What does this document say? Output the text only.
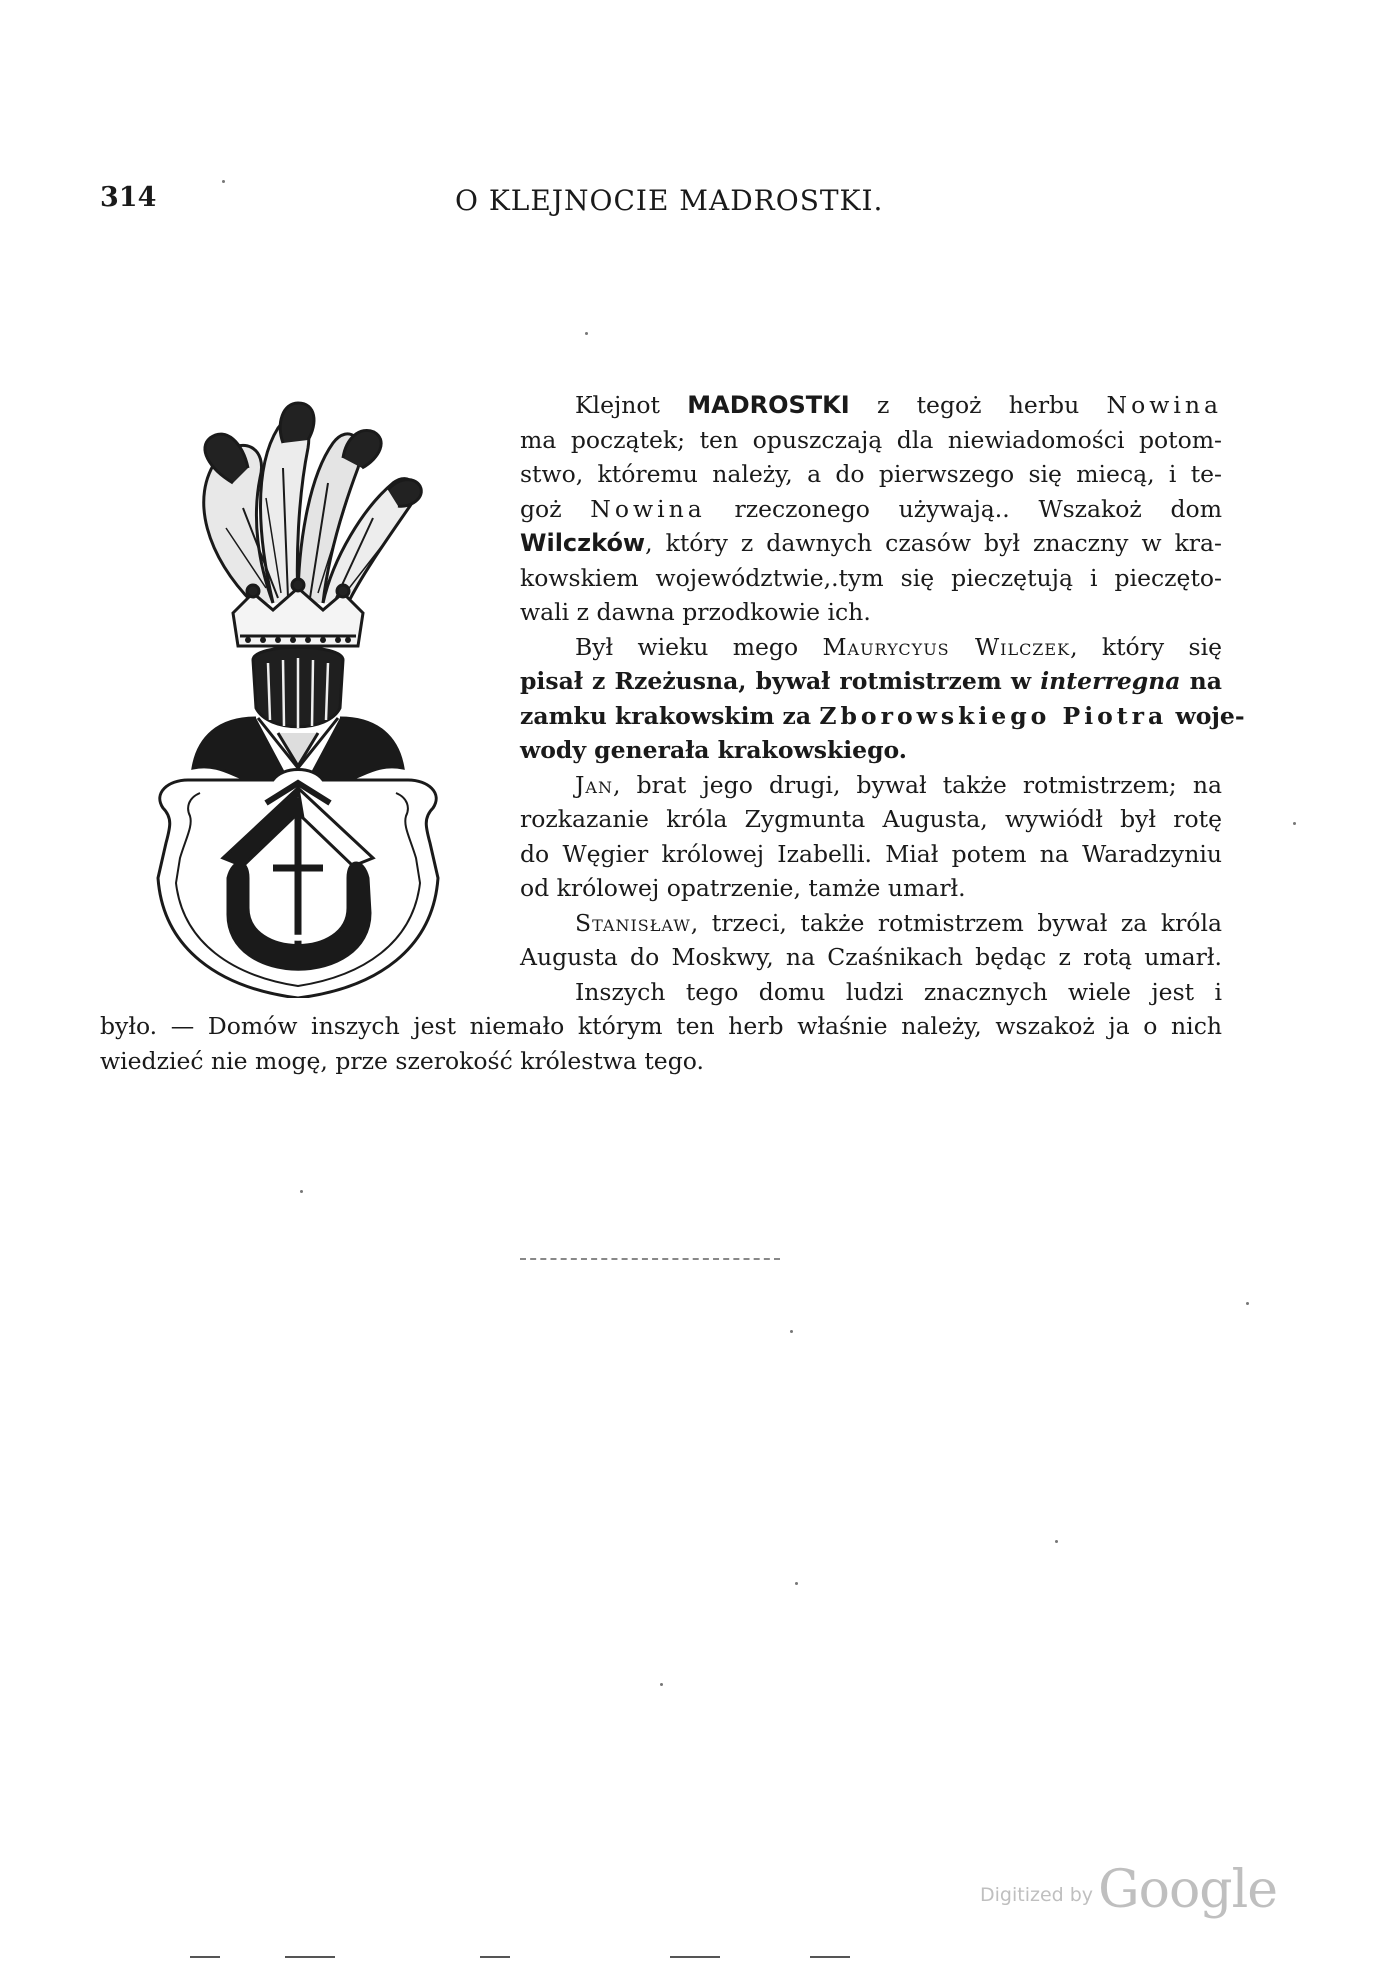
314	O KLEJNOCIE MADROSTKI.
Klejnot MADROSTKI z tegoż herbu Nowina
ma początek; ten opuszczają dla niewiadomości potom-
stwo, któremu należy, a do pierwszego się miecą, i te-
goż Nowina rzeczonego używają.. Wszakoż dom
Wilczków, który z dawnych czasów był znaczny w kra-
kowskiem województwie,.tym się pieczętują i pieczęto-
wali z dawna przodkowie ich.
Był wieku mego Maurycyus Wilczek, który się
pisał z Rzeżusna, bywał rotmistrzem w interregna na
zamku krakowskim za Zborowskiego Piotra woje-
wody generała krakowskiego.
Jan, brat jego drugi, bywał także rotmistrzem; na
rozkazanie króla Zygmunta Augusta, wywiódł był rotę
do Węgier królowej Izabelli. Miał potem na Waradzyniu
od królowej opatrzenie, tamże umarł.
Stanisław, trzeci, także rotmistrzem bywał za króla
Augusta do Moskwy, na Czaśnikach będąc z rotą umarł.
Inszych tego domu ludzi znacznych wiele jest i
było. — Domów inszych jest niemało którym ten herb właśnie należy, wszakoż ja o nich
wiedzieć nie mogę, prze szerokość królestwa tego.
Digitized by Google
